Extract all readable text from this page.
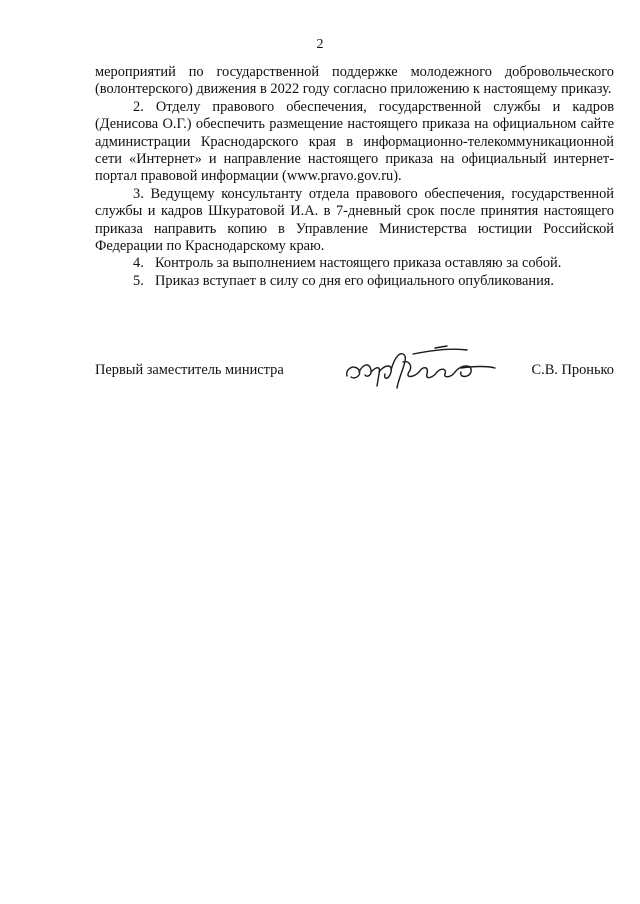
2

мероприятий по государственной поддержке молодежного добровольческого (волонтерского) движения в 2022 году согласно приложению к настоящему приказу.

2. Отделу правового обеспечения, государственной службы и кадров (Денисова О.Г.) обеспечить размещение настоящего приказа на официальном сайте администрации Краснодарского края в информационно-телекоммуникационной сети «Интернет» и направление настоящего приказа на официальный интернет-портал правовой информации (www.pravo.gov.ru).

3. Ведущему консультанту отдела правового обеспечения, государственной службы и кадров Шкуратовой И.А. в 7-дневный срок после принятия настоящего приказа направить копию в Управление Министерства юстиции Российской Федерации по Краснодарскому краю.

4. Контроль за выполнением настоящего приказа оставляю за собой.

5. Приказ вступает в силу со дня его официального опубликования.

Первый заместитель министра	С.В. Пронько
